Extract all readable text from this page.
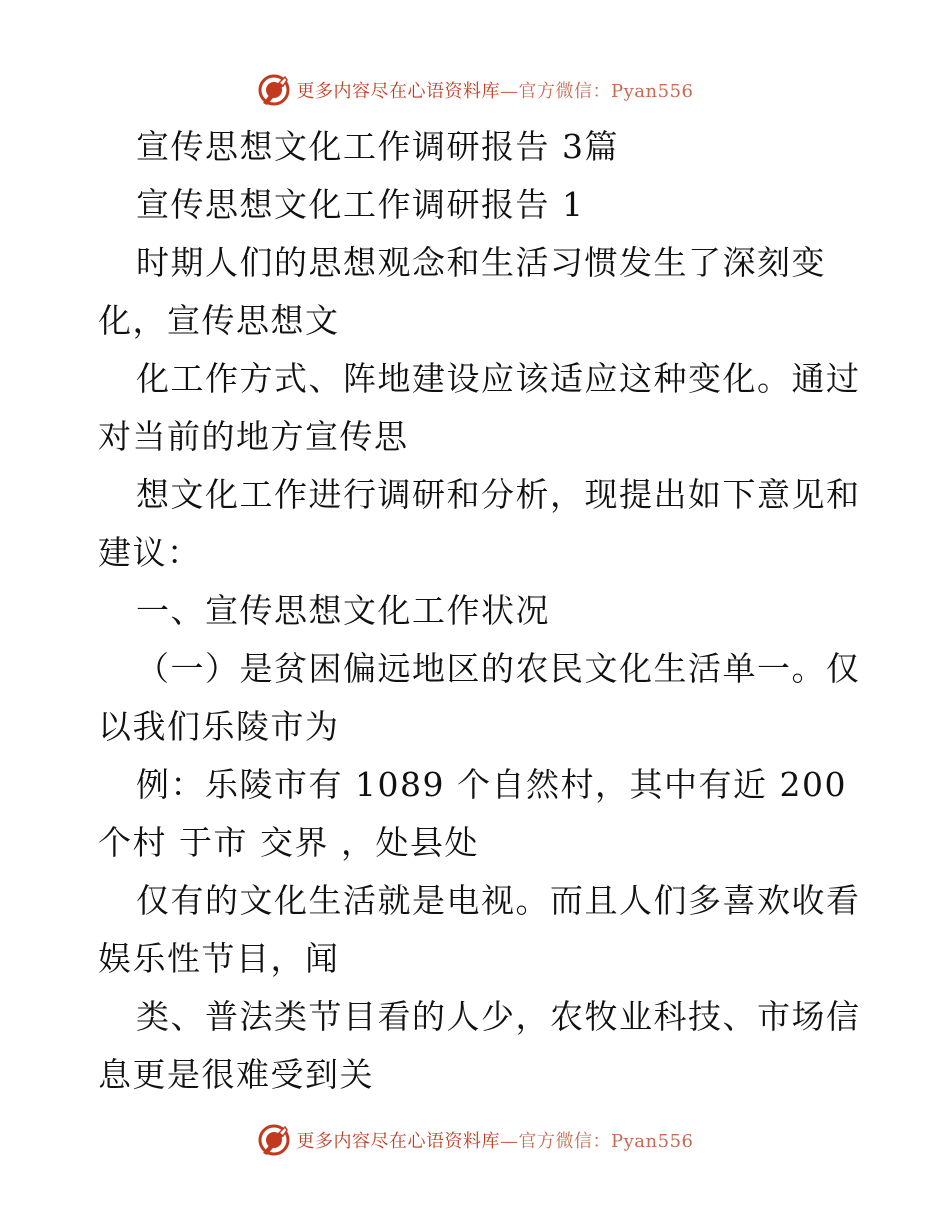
更多内容尽在心语资料库—官方微信：Pyan556
宣传思想文化工作调研报告 3篇
宣传思想文化工作调研报告 1
时期人们的思想观念和生活习惯发生了深刻变
化，宣传思想文
化工作方式、阵地建设应该适应这种变化。通过
对当前的地方宣传思
想文化工作进行调研和分析，现提出如下意见和
建议：
一、宣传思想文化工作状况
（一）是贫困偏远地区的农民文化生活单一。仅
以我们乐陵市为
例：乐陵市有 1089 个自然村，其中有近 200
个村 于市 交界 ，处县处
仅有的文化生活就是电视。而且人们多喜欢收看
娱乐性节目，闻
类、普法类节目看的人少，农牧业科技、市场信
息更是很难受到关
更多内容尽在心语资料库—官方微信：Pyan556
